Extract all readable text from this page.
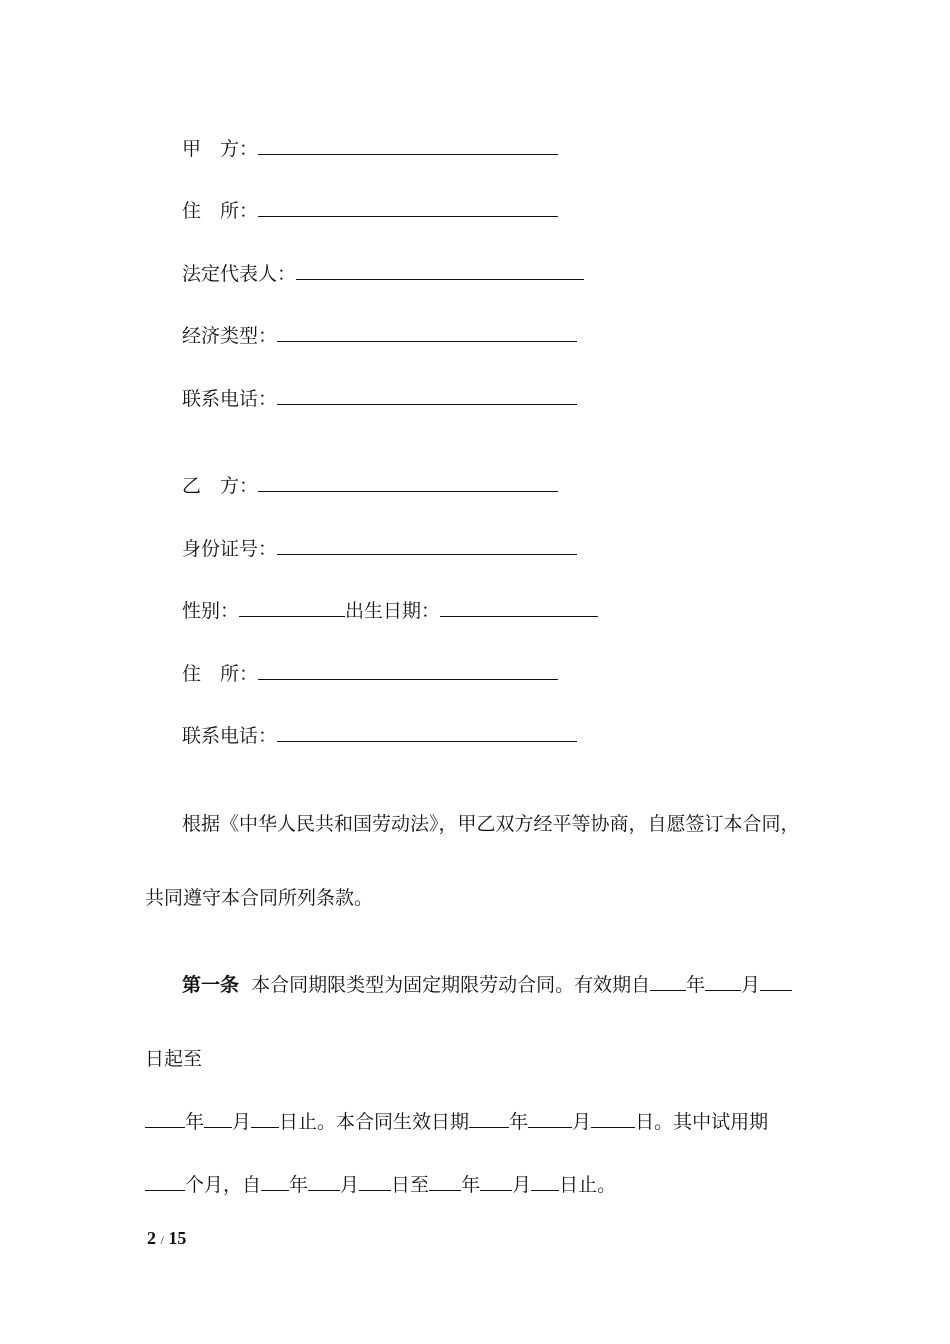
甲　方：
住　所：
法定代表人：
经济类型：
联系电话：
乙　方：
身份证号：
性别：	出生日期：
住　所：
联系电话：
根据《中华人民共和国劳动法》，甲乙双方经平等协商，自愿签订本合同，
共同遵守本合同所列条款。
第一条 本合同期限类型为固定期限劳动合同。有效期自 年 月
日起至
年 月 日止。本合同生效日期 年 月 日。其中试用期
个月，自 年 月 日至 年 月 日止。
2 / 15
